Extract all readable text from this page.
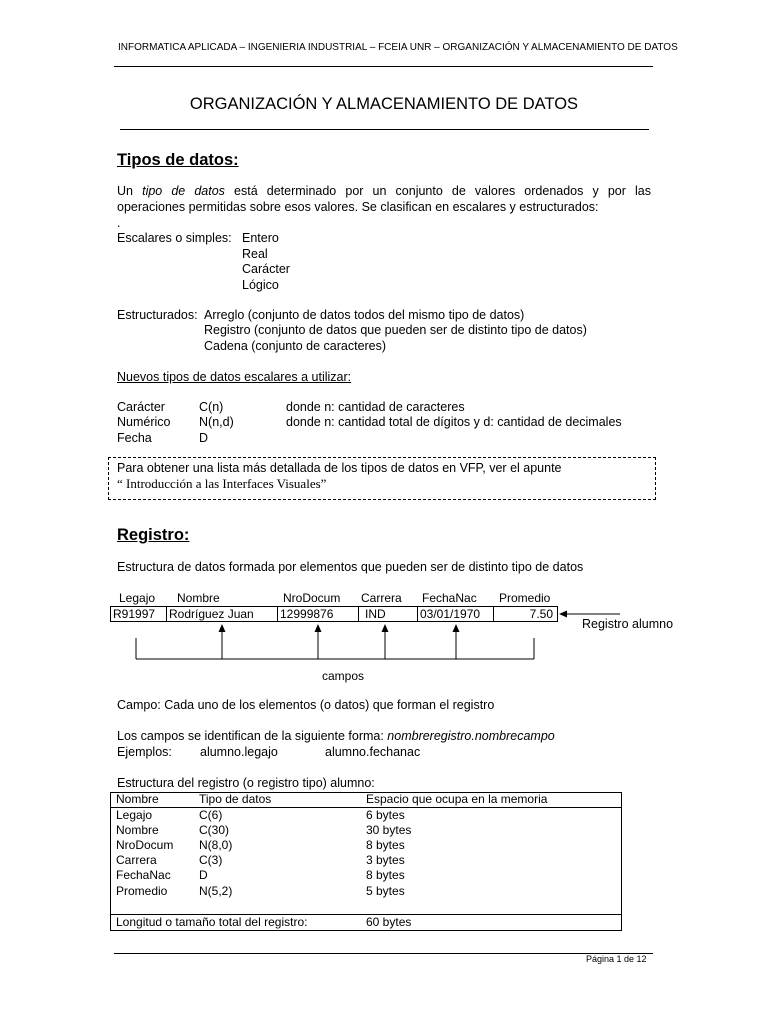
INFORMATICA APLICADA – INGENIERIA INDUSTRIAL – FCEIA UNR – ORGANIZACIÓN Y ALMACENAMIENTO DE DATOS
ORGANIZACIÓN Y ALMACENAMIENTO DE DATOS
Tipos de datos:
Un tipo de datos está determinado por un conjunto de valores ordenados y por las
operaciones permitidas sobre esos valores. Se clasifican en escalares y estructurados:
.
Escalares o simples: Entero
Real
Carácter
Lógico
Estructurados: Arreglo (conjunto de datos todos del mismo tipo de datos)
Registro (conjunto de datos que pueden ser de distinto tipo de datos)
Cadena (conjunto de caracteres)
Nuevos tipos de datos escalares a utilizar:
Carácter	C(n)	donde n: cantidad de caracteres
Numérico N(n,d)	donde n: cantidad total de dígitos y d: cantidad de decimales
Fecha	D
Para obtener una lista más detallada de los tipos de datos en VFP, ver el apunte
“ Introducción a las Interfaces Visuales”
Registro:
Estructura de datos formada por elementos que pueden ser de distinto tipo de datos
Legajo Nombre	NroDocum Carrera FechaNac Promedio
R91997	Rodríguez Juan	12999876	IND	03/01/1970	7.50
Registro alumno
campos
Campo: Cada uno de los elementos (o datos) que forman el registro
Los campos se identifican de la siguiente forma: nombreregistro.nombrecampo
Ejemplos: alumno.legajo	alumno.fechanac
Estructura del registro (o registro tipo) alumno:
Nombre	Tipo de datos	Espacio que ocupa en la memoria
Legajo	C(6)	6 bytes
Nombre	C(30)	30 bytes
NroDocum N(8,0)	8 bytes
Carrera	C(3)	3 bytes
FechaNac D	8 bytes
Promedio	N(5,2)	5 bytes
Longitud o tamaño total del registro:	60 bytes
Página 1 de 12
